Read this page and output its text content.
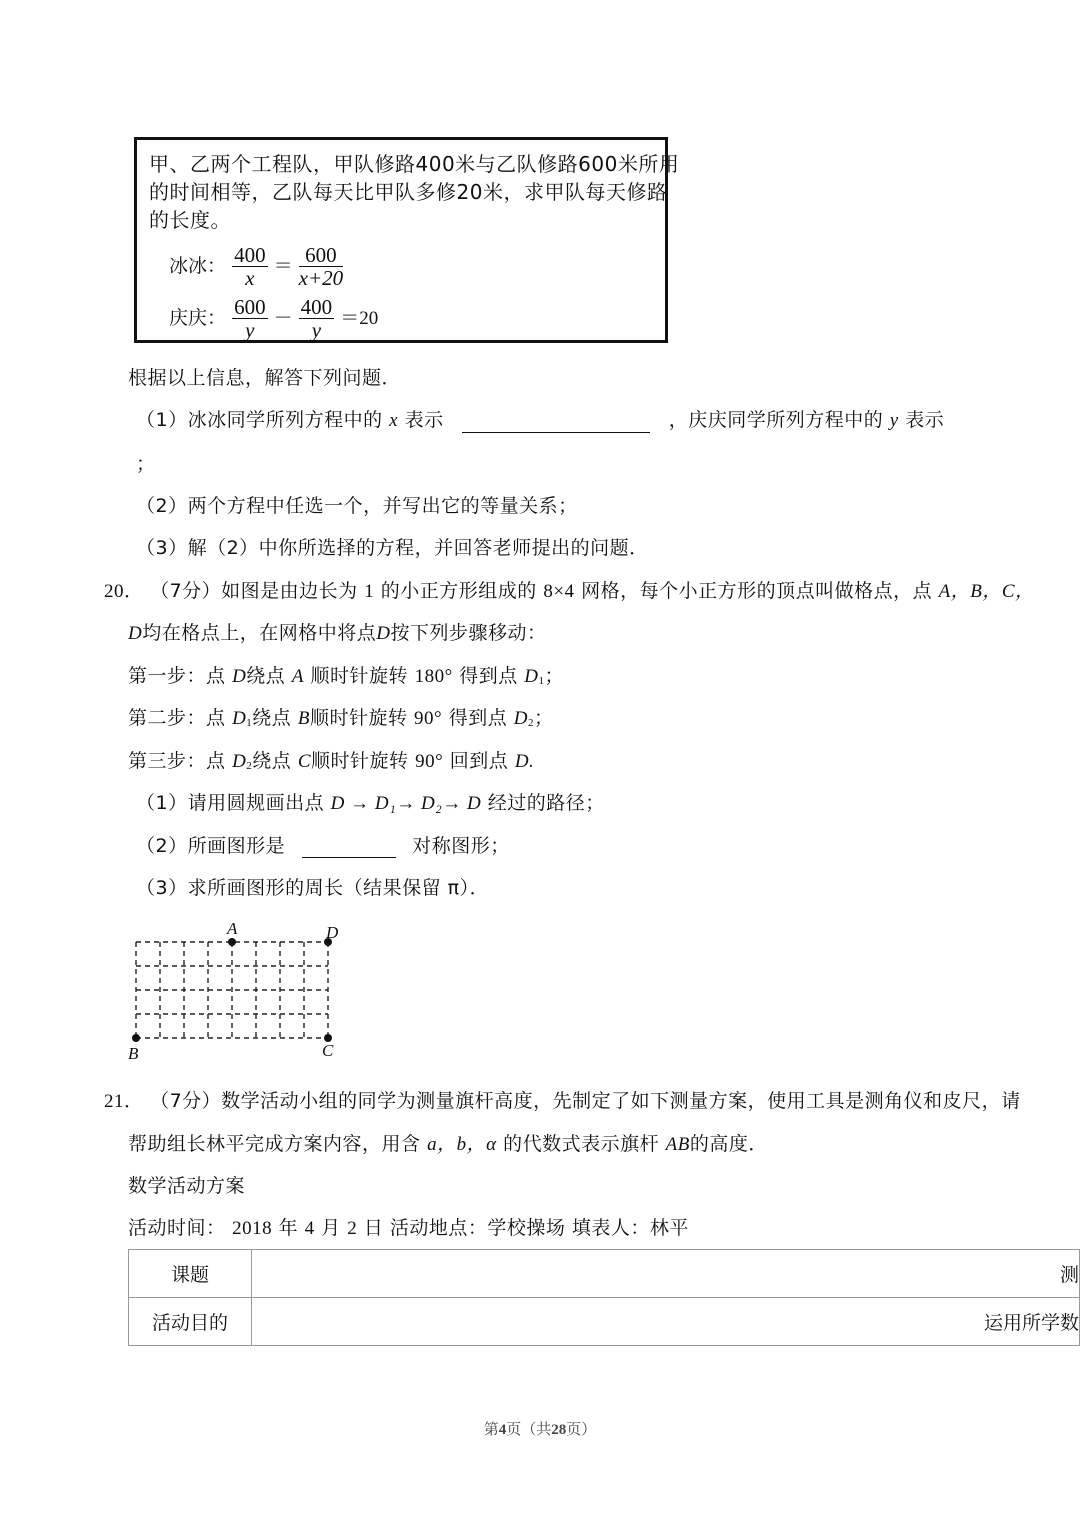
甲、乙两个工程队，甲队修路400米与乙队修路600米所用
的时间相等，乙队每天比甲队多修20米，求甲队每天修路
的长度。
冰冰： $\frac{400}{x} = \frac{600}{x+20}$
庆庆： $\frac{600}{y} - \frac{400}{y} =20$
根据以上信息，解答下列问题．
（1）冰冰同学所列方程中的 x 表示	，庆庆同学所列方程中的 y 表示
；
（2）两个方程中任选一个，并写出它的等量关系；
（3）解（2）中你所选择的方程，并回答老师提出的问题．
20． （7分）如图是由边长为 1 的小正方形组成的 8×4 网格，每个小正方形的顶点叫做格点，点 A，B，C，
D均在格点上，在网格中将点D按下列步骤移动：
第一步：点 D绕点 A 顺时针旋转 180° 得到点 $D_1$；
第二步：点 $D_1$绕点 B顺时针旋转 90° 得到点 $D_2$；
第三步：点 $D_2$绕点 C顺时针旋转 90° 回到点 D.
（1）请用圆规画出点 D → D₁→ D₂→ D 经过的路径；
（2）所画图形是	对称图形；
（3）求所画图形的周长（结果保留 π）．
A	D
B	C
21． （7分）数学活动小组的同学为测量旗杆高度，先制定了如下测量方案，使用工具是测角仪和皮尺，请
帮助组长林平完成方案内容，用含 a，b，α 的代数式表示旗杆 AB的高度．
数学活动方案
活动时间： 2018 年 4 月 2 日 活动地点：学校操场 填表人：林平
课题	测
活动目的	运用所学数
第4页（共28页）
